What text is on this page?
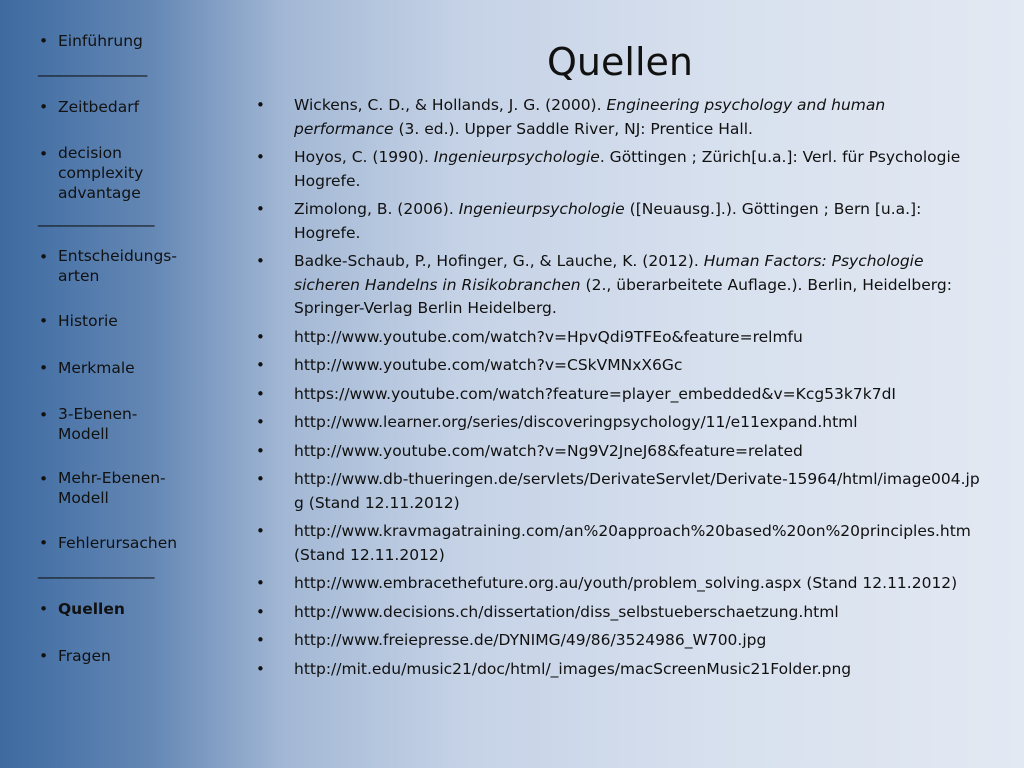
• Einführung
_______________
• Zeitbedarf
• decision
complexity
advantage
________________
• Entscheidungs-
arten
• Historie
• Merkmale
• 3-Ebenen-
Modell
• Mehr-Ebenen-
Modell
• Fehlerursachen
________________
• Quellen
• Fragen
Quellen
• Wickens, C. D., & Hollands, J. G. (2000). Engineering psychology and human performance (3. ed.). Upper Saddle River, NJ: Prentice Hall.
• Hoyos, C. (1990). Ingenieurpsychologie. Göttingen ; Zürich[u.a.]: Verl. für Psychologie Hogrefe.
• Zimolong, B. (2006). Ingenieurpsychologie ([Neuausg.].). Göttingen ; Bern [u.a.]: Hogrefe.
• Badke-Schaub, P., Hofinger, G., & Lauche, K. (2012). Human Factors: Psychologie sicheren Handelns in Risikobranchen (2., überarbeitete Auflage.). Berlin, Heidelberg: Springer-Verlag Berlin Heidelberg.
• http://www.youtube.com/watch?v=HpvQdi9TFEo&feature=relmfu
• http://www.youtube.com/watch?v=CSkVMNxX6Gc
• https://www.youtube.com/watch?feature=player_embedded&v=Kcg53k7k7dI
• http://www.learner.org/series/discoveringpsychology/11/e11expand.html
• http://www.youtube.com/watch?v=Ng9V2JneJ68&feature=related
• http://www.db-thueringen.de/servlets/DerivateServlet/Derivate-15964/html/image004.jpg (Stand 12.11.2012)
• http://www.kravmagatraining.com/an%20approach%20based%20on%20principles.htm (Stand 12.11.2012)
• http://www.embracethefuture.org.au/youth/problem_solving.aspx (Stand 12.11.2012)
• http://www.decisions.ch/dissertation/diss_selbstueberschaetzung.html
• http://www.freiepresse.de/DYNIMG/49/86/3524986_W700.jpg
• http://mit.edu/music21/doc/html/_images/macScreenMusic21Folder.png
